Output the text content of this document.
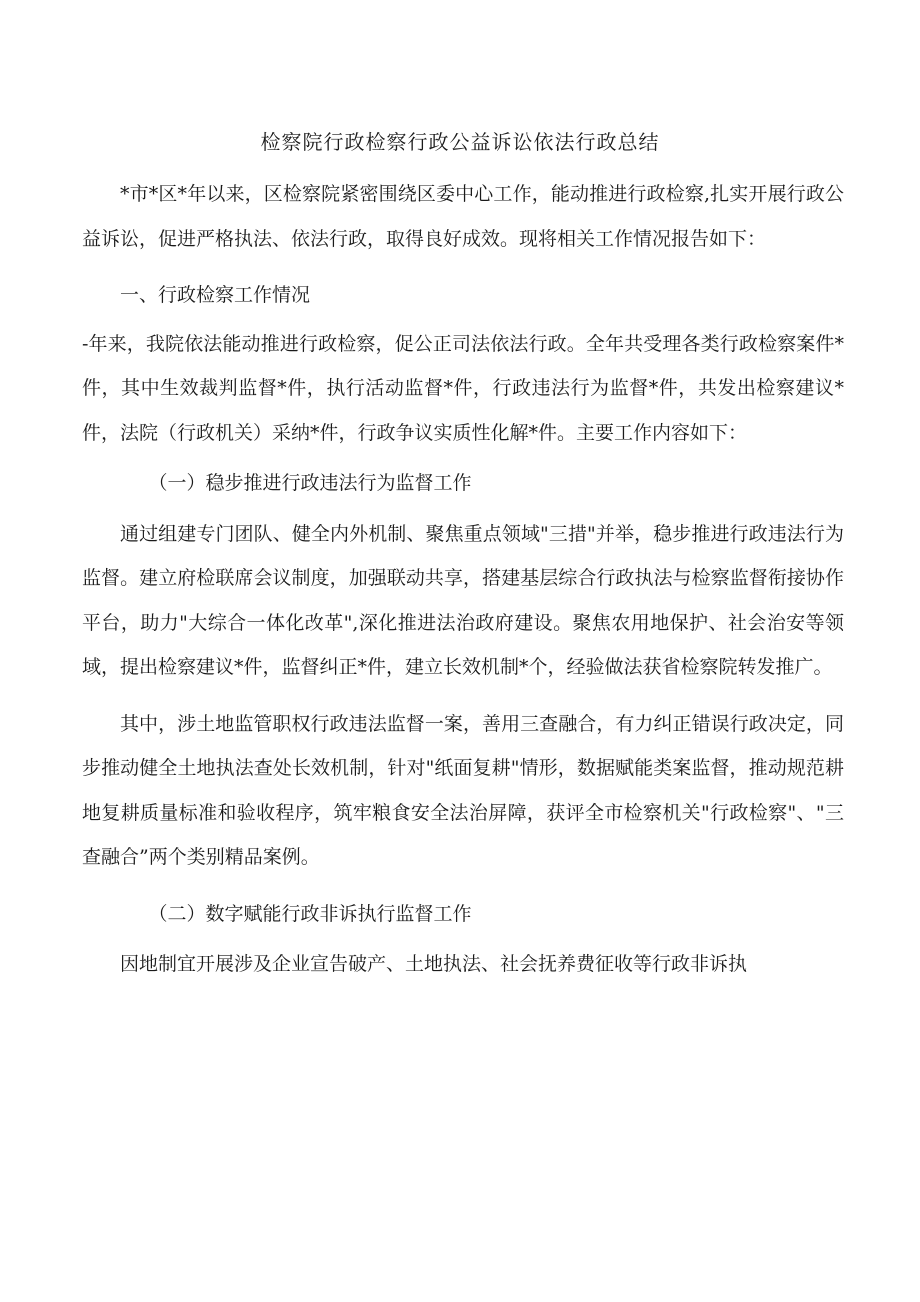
检察院行政检察行政公益诉讼依法行政总结

*市*区*年以来，区检察院紧密围绕区委中心工作，能动推进行政检察,扎实开展行政公益诉讼，促进严格执法、依法行政，取得良好成效。现将相关工作情况报告如下：

一、行政检察工作情况

-年来，我院依法能动推进行政检察，促公正司法依法行政。全年共受理各类行政检察案件*件，其中生效裁判监督*件，执行活动监督*件，行政违法行为监督*件，共发出检察建议*件，法院（行政机关）采纳*件，行政争议实质性化解*件。主要工作内容如下：

（一）稳步推进行政违法行为监督工作

通过组建专门团队、健全内外机制、聚焦重点领域"三措"并举，稳步推进行政违法行为监督。建立府检联席会议制度，加强联动共享，搭建基层综合行政执法与检察监督衔接协作平台，助力"大综合一体化改革",深化推进法治政府建设。聚焦农用地保护、社会治安等领域，提出检察建议*件，监督纠正*件，建立长效机制*个，经验做法获省检察院转发推广。

其中，涉土地监管职权行政违法监督一案，善用三查融合，有力纠正错误行政决定，同步推动健全土地执法查处长效机制，针对"纸面复耕"情形，数据赋能类案监督，推动规范耕地复耕质量标准和验收程序，筑牢粮食安全法治屏障，获评全市检察机关"行政检察"、"三查融合”两个类别精品案例。

（二）数字赋能行政非诉执行监督工作

因地制宜开展涉及企业宣告破产、土地执法、社会抚养费征收等行政非诉执
